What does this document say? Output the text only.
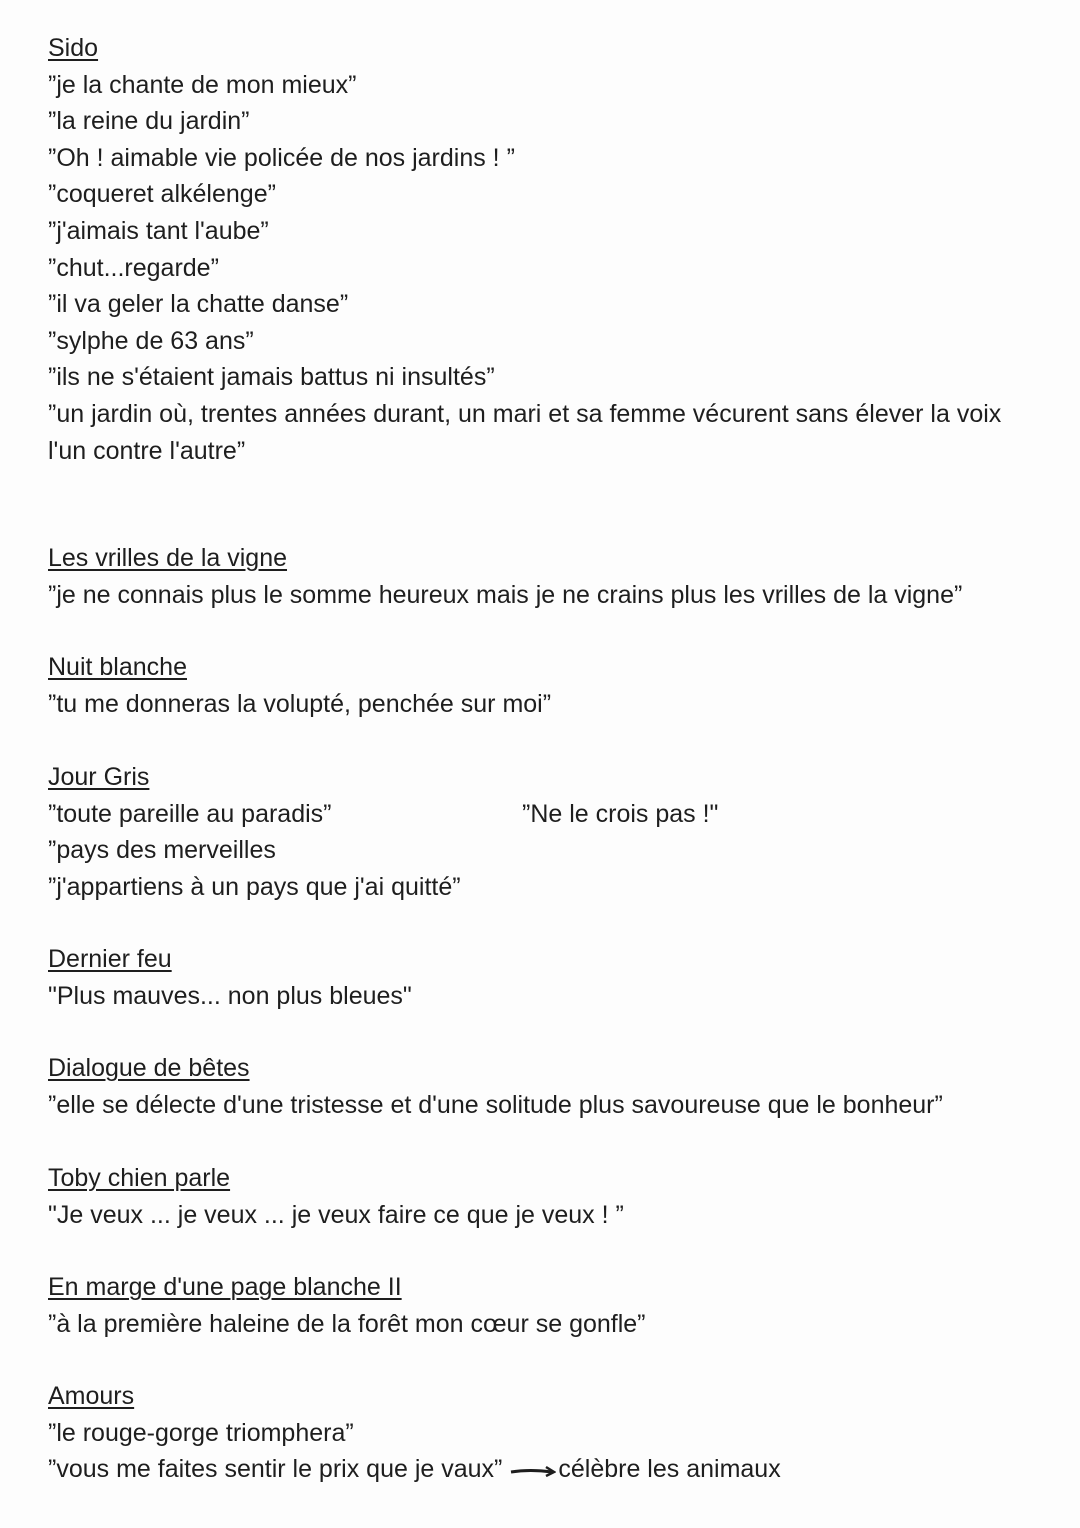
Sido
”je la chante de mon mieux”
”la reine du jardin”
”Oh ! aimable vie policée de nos jardins ! ”
”coqueret alkélenge”
”j'aimais tant l'aube”
”chut...regarde”
”il va geler la chatte danse”
”sylphe de 63 ans”
”ils ne s'étaient jamais battus ni insultés”
”un jardin où, trentes années durant, un mari et sa femme vécurent sans élever la voix l'un contre l'autre”
Les vrilles de la vigne
”je ne connais plus le somme heureux mais je ne crains plus les vrilles de la vigne”
Nuit blanche
”tu me donneras la volupté, penchée sur moi”
Jour Gris
”toute pareille au paradis”
”pays des merveilles
”j'appartiens à un pays que j'ai quitté”
”Ne le crois pas !"
Dernier feu
"Plus mauves... non plus bleues"
Dialogue de bêtes
”elle se délecte d'une tristesse et d'une solitude plus savoureuse que le bonheur”
Toby chien parle
"Je veux ... je veux ... je veux faire ce que je veux ! ”
En marge d'une page blanche II
”à la première haleine de la forêt mon cœur se gonfle”
Amours
”le rouge-gorge triomphera”
”vous me faites sentir le prix que je vaux” célèbre les animaux
